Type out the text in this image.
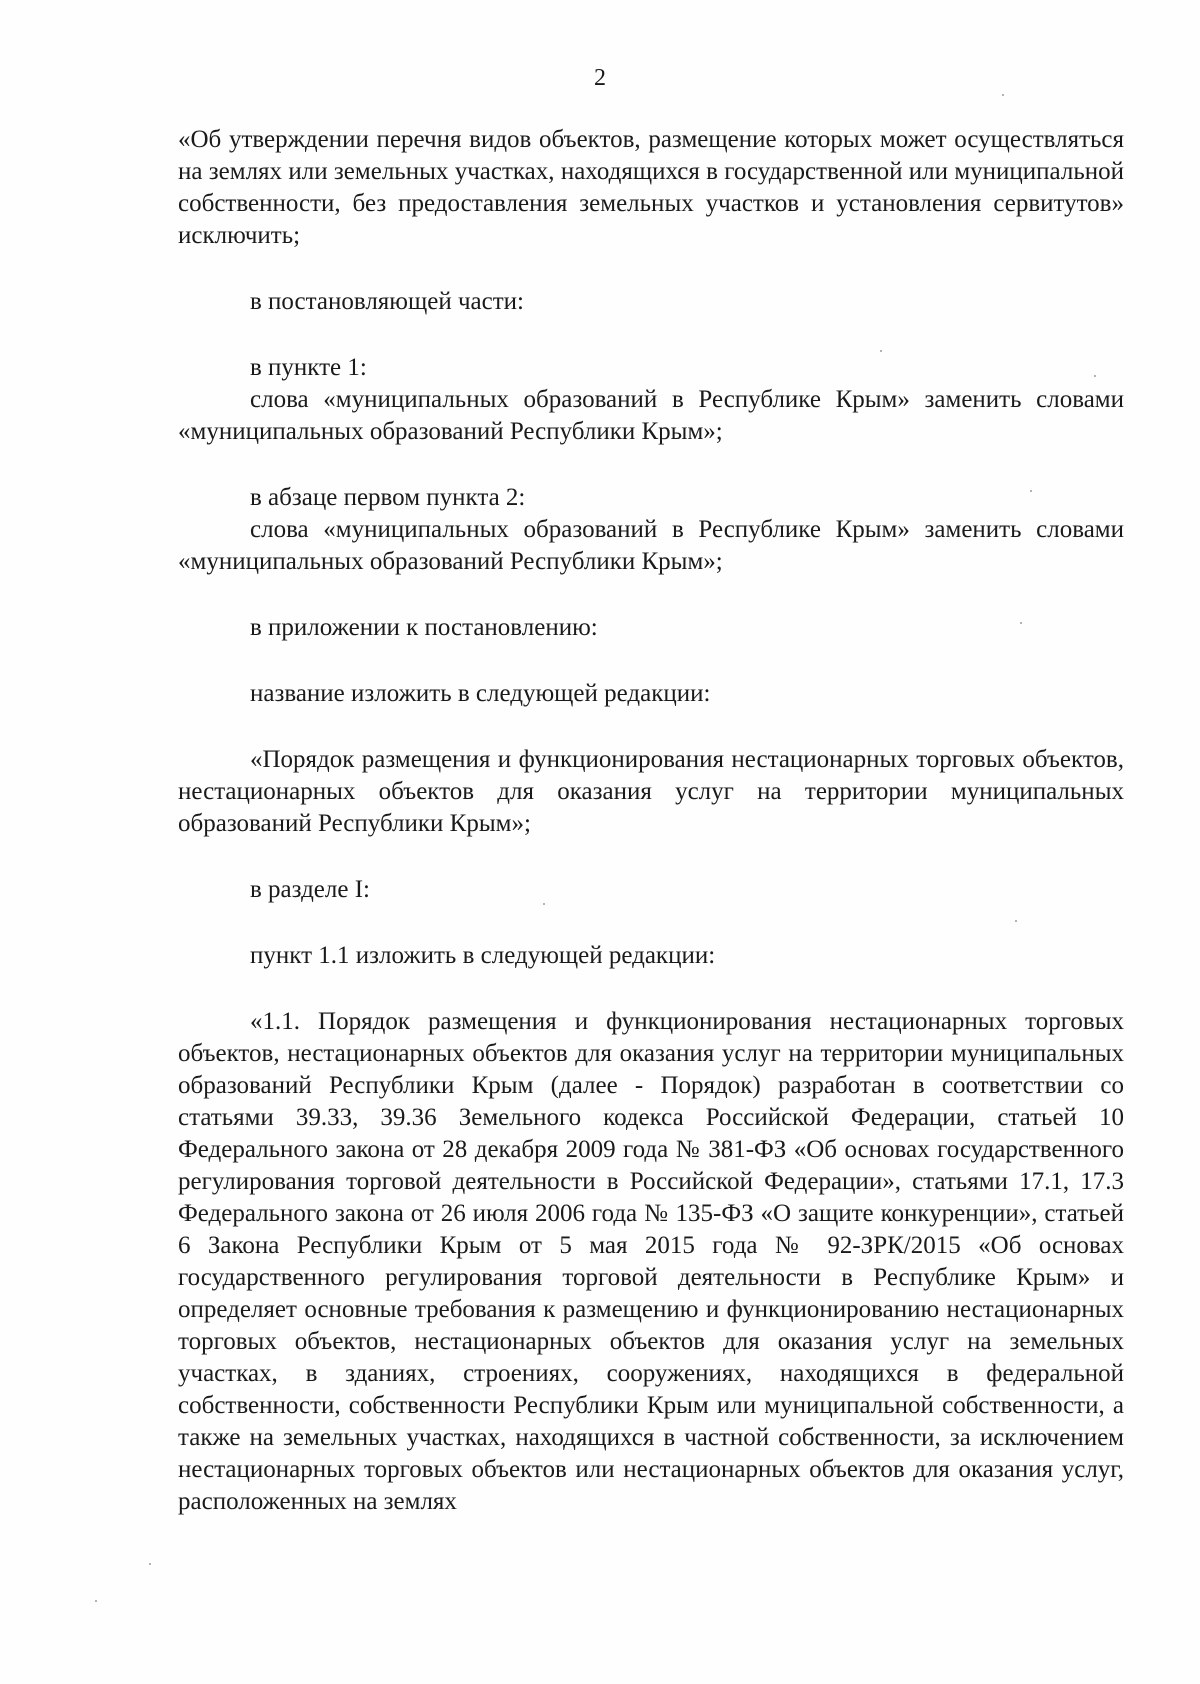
2

«Об утверждении перечня видов объектов, размещение которых может осуществляться на землях или земельных участках, находящихся в государственной или муниципальной собственности, без предоставления земельных участков и установления сервитутов» исключить;

в постановляющей части:

в пункте 1:

слова «муниципальных образований в Республике Крым» заменить словами «муниципальных образований Республики Крым»;

в абзаце первом пункта 2:

слова «муниципальных образований в Республике Крым» заменить словами «муниципальных образований Республики Крым»;

в приложении к постановлению:

название изложить в следующей редакции:

«Порядок размещения и функционирования нестационарных торговых объектов, нестационарных объектов для оказания услуг на территории муниципальных образований Республики Крым»;

в разделе I:

пункт 1.1 изложить в следующей редакции:

«1.1. Порядок размещения и функционирования нестационарных торговых объектов, нестационарных объектов для оказания услуг на территории муниципальных образований Республики Крым (далее - Порядок) разработан в соответствии со статьями 39.33, 39.36 Земельного кодекса Российской Федерации, статьей 10 Федерального закона от 28 декабря 2009 года № 381-ФЗ «Об основах государственного регулирования торговой деятельности в Российской Федерации», статьями 17.1, 17.3 Федерального закона от 26 июля 2006 года № 135-ФЗ «О защите конкуренции», статьей 6 Закона Республики Крым от 5 мая 2015 года № 92-ЗРК/2015 «Об основах государственного регулирования торговой деятельности в Республике Крым» и определяет основные требования к размещению и функционированию нестационарных торговых объектов, нестационарных объектов для оказания услуг на земельных участках, в зданиях, строениях, сооружениях, находящихся в федеральной собственности, собственности Республики Крым или муниципальной собственности, а также на земельных участках, находящихся в частной собственности, за исключением нестационарных торговых объектов или нестационарных объектов для оказания услуг, расположенных на землях
